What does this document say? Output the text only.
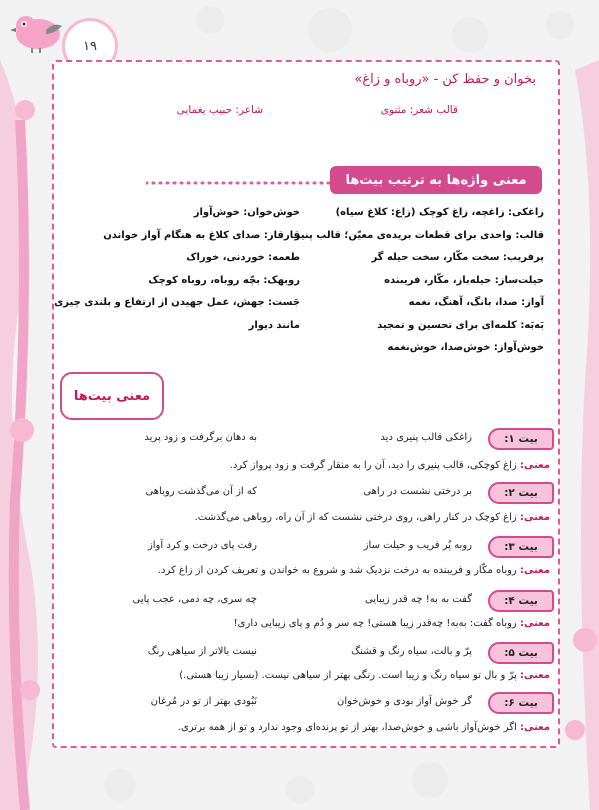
۱۹
بخوان و حفظ کن - «روباه و زاغ»
قالب شعر: مثنوی
شاعر: حبیب یغمایی
معنی واژه‌ها به ترتیب بیت‌ها
زاغکی: زاغچه، زاغ کوچک (زاغ: کلاغ سیاه)
قالب: واحدی برای قطعات بریده‌ی معیّن؛ قالب پنیر
پرفریب: سخت مکّار، سخت حیله گر
حیلت‌ساز: حیله‌باز، مکّار، فریبنده
آواز: صدا، بانگ، آهنگ، نغمه
بَه‌بَه: کلمه‌ای برای تحسین و تمجید
خوش‌آواز: خوش‌صدا، خوش‌نغمه
خوش‌خوان: خوش‌آواز
قارقار: صدای کلاغ به هنگام آواز خواندن
طعمه: خوردنی، خوراک
روبهک: بچّه روباه، روباه کوچک
جَست: جهش، عمل جهیدن از ارتفاع و بلندی چیزی
مانند دیوار
معنی بیت‌ها
بیت ۱:
زاغکی قالب پنیری دید
به دهان برگرفت و زود پرید
معنی: زاغ کوچکی، قالب پنیری را دید، آن را به منقار گرفت و زود پرواز کرد.
بیت ۲:
بر درختی نشست در راهی
که از آن می‌گذشت روباهی
معنی: زاغ کوچک در کنار راهی، روی درختی نشست که از آن راه، روباهی می‌گذشت.
بیت ۳:
روبه پُر فریب و حیلت ساز
رفت پای درخت و کرد آواز
معنی: روباه مکّار و فریبنده به درخت نزدیک شد و شروع به خواندن و تعریف کردن از زاغ کرد.
بیت ۴:
گفت به به! چه قدر زیبایی
چه سری، چه دمی، عجب پایی
معنی: روباه گفت: به‌به! چه‌قدر زیبا هستی! چه سر و دُم و پای زیبایی داری!
بیت ۵:
پرّ و بالت، سیاه رنگ و قشنگ
نیست بالاتر از سیاهی رنگ
معنی: پرّ و بال تو سیاه رنگ و زیبا است. رنگی بهتر از سیاهی نیست. (بسیار زیبا هستی.)
بیت ۶:
گر خوش آواز بودی و خوش‌خوان
نَبُودی بهتر از تو در مُرغان
معنی: اگر خوش‌آواز باشی و خوش‌صدا، بهتر از تو پرنده‌ای وجود ندارد و تو از همه برتری.
